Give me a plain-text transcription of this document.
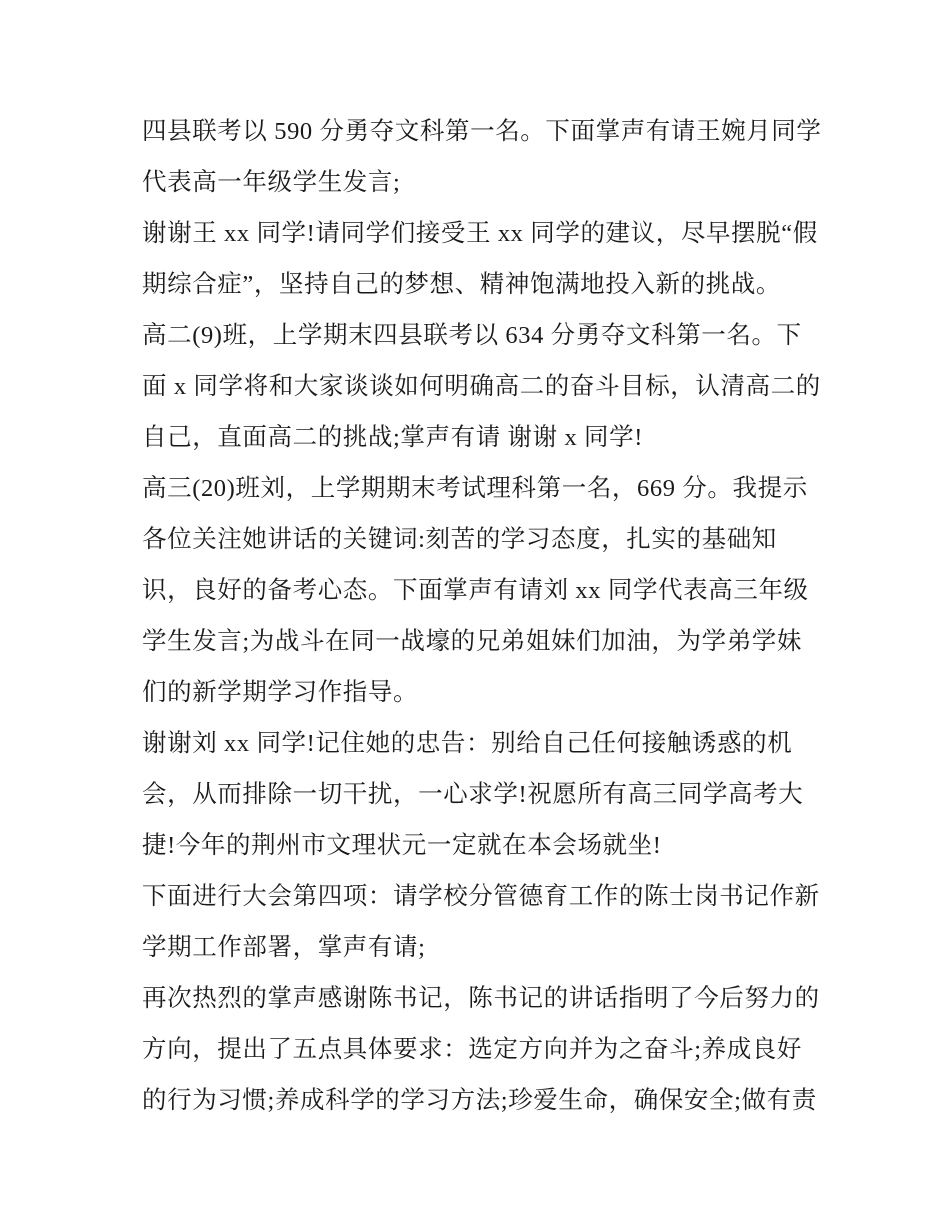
四县联考以 590 分勇夺文科第一名。下面掌声有请王婉月同学
代表高一年级学生发言;
谢谢王 xx 同学!请同学们接受王 xx 同学的建议，尽早摆脱“假
期综合症”，坚持自己的梦想、精神饱满地投入新的挑战。
高二(9)班，上学期末四县联考以 634 分勇夺文科第一名。下
面 x 同学将和大家谈谈如何明确高二的奋斗目标，认清高二的
自己，直面高二的挑战;掌声有请 谢谢 x 同学!
高三(20)班刘，上学期期末考试理科第一名，669 分。我提示
各位关注她讲话的关键词:刻苦的学习态度，扎实的基础知
识，良好的备考心态。下面掌声有请刘 xx 同学代表高三年级
学生发言;为战斗在同一战壕的兄弟姐妹们加油，为学弟学妹
们的新学期学习作指导。
谢谢刘 xx 同学!记住她的忠告：别给自己任何接触诱惑的机
会，从而排除一切干扰，一心求学!祝愿所有高三同学高考大
捷!今年的荆州市文理状元一定就在本会场就坐!
下面进行大会第四项：请学校分管德育工作的陈士岗书记作新
学期工作部署，掌声有请;
再次热烈的掌声感谢陈书记，陈书记的讲话指明了今后努力的
方向，提出了五点具体要求：选定方向并为之奋斗;养成良好
的行为习惯;养成科学的学习方法;珍爱生命，确保安全;做有责
